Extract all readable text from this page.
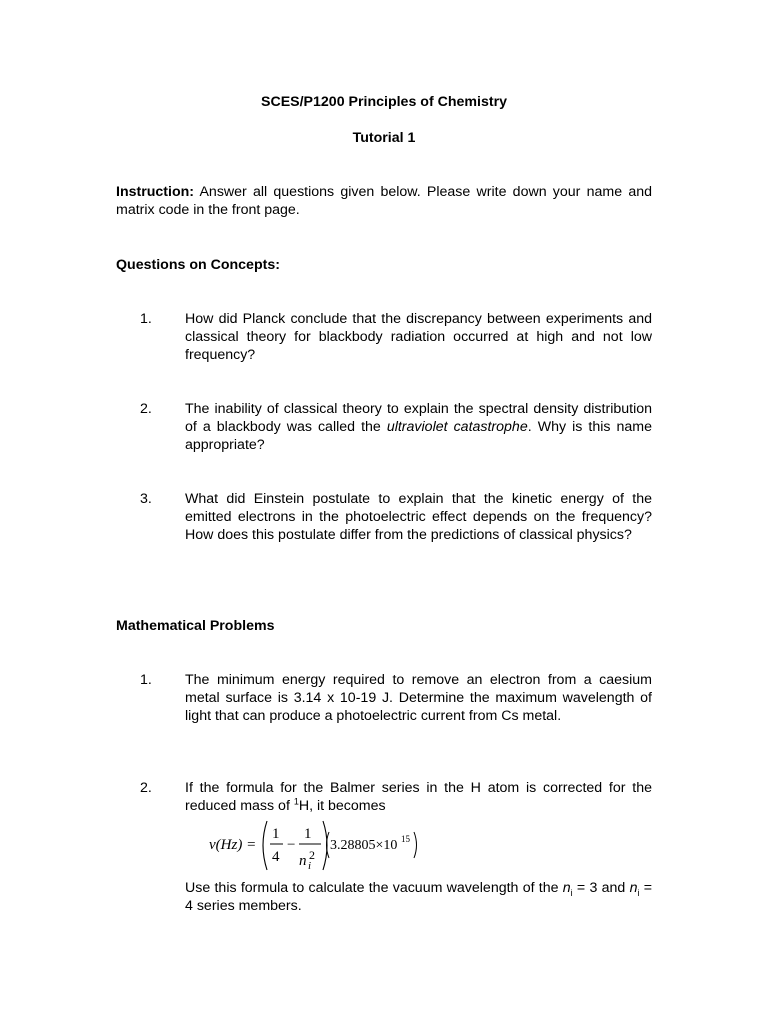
SCES/P1200 Principles of Chemistry
Tutorial 1
Instruction: Answer all questions given below. Please write down your name and matrix code in the front page.
Questions on Concepts:
1. How did Planck conclude that the discrepancy between experiments and classical theory for blackbody radiation occurred at high and not low frequency?
2. The inability of classical theory to explain the spectral density distribution of a blackbody was called the ultraviolet catastrophe. Why is this name appropriate?
3. What did Einstein postulate to explain that the kinetic energy of the emitted electrons in the photoelectric effect depends on the frequency? How does this postulate differ from the predictions of classical physics?
Mathematical Problems
1. The minimum energy required to remove an electron from a caesium metal surface is 3.14 x 10-19 J. Determine the maximum wavelength of light that can produce a photoelectric current from Cs metal.
2. If the formula for the Balmer series in the H atom is corrected for the reduced mass of $^1$H, it becomes
v(Hz) =
1
4
−
1
n i
2
3.28805×10 15
Use this formula to calculate the vacuum wavelength of the $n_i = 3$ and $n_i = 4$ series members.
